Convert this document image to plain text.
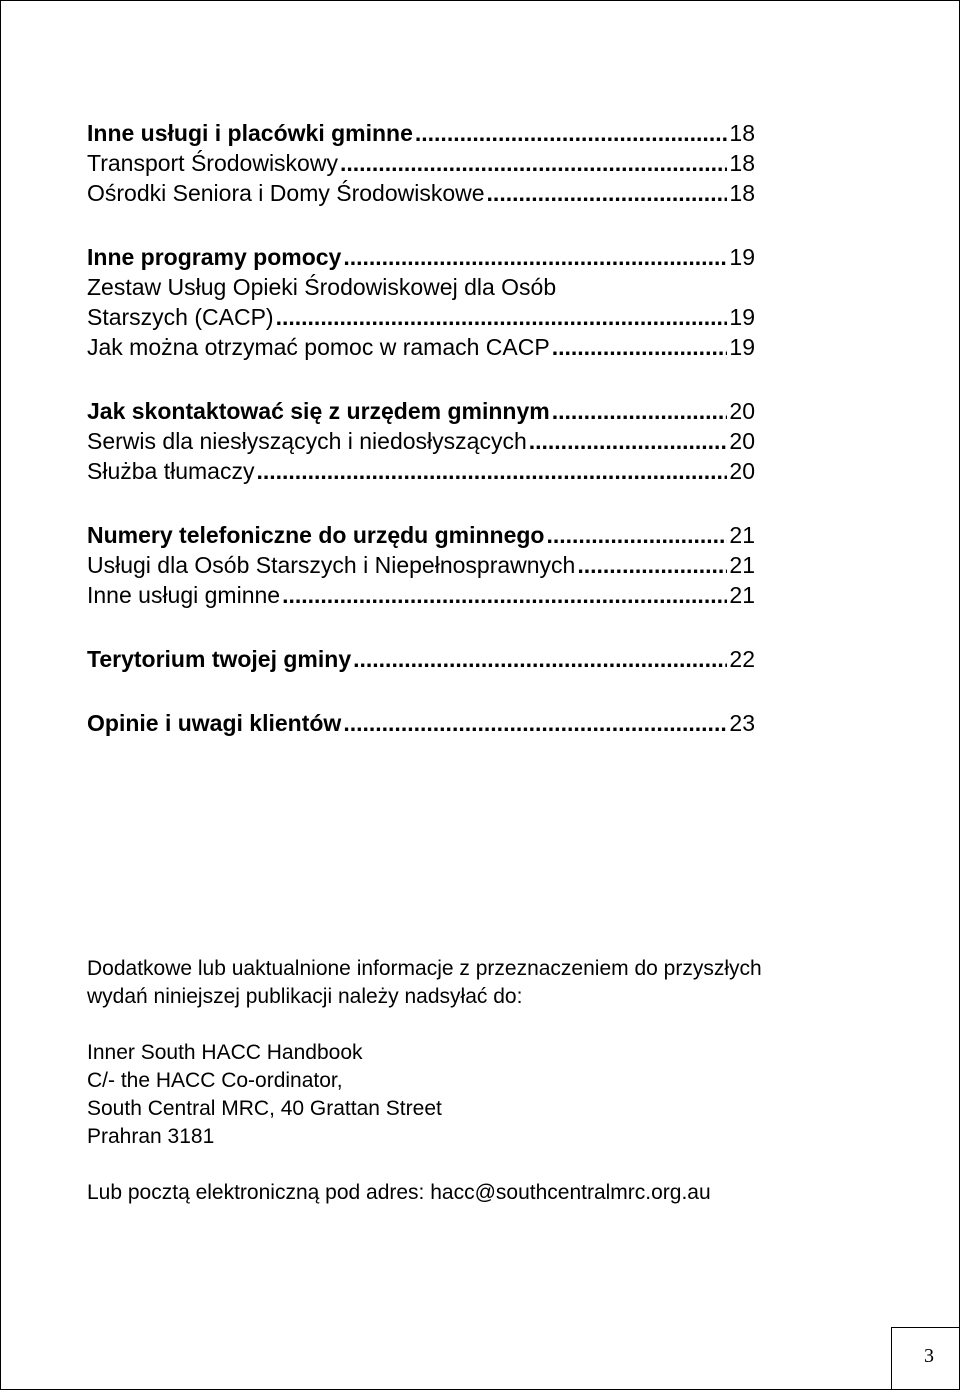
Inne usługi i placówki gminne .....	18
Transport Środowiskowy .....	18
Ośrodki Seniora i Domy Środowiskowe .....	18
Inne programy pomocy .....	19
Zestaw Usług Opieki Środowiskowej dla Osób
Starszych (CACP) .....	19
Jak można otrzymać pomoc w ramach CACP .....	19
Jak skontaktować się z urzędem gminnym .....	20
Serwis dla niesłyszących i niedosłyszących .....	20
Służba tłumaczy .....	20
Numery telefoniczne do urzędu gminnego .....	21
Usługi dla Osób Starszych i Niepełnosprawnych .....	21
Inne usługi gminne .....	21
Terytorium twojej gminy .....	22
Opinie i uwagi klientów .....	23

Dodatkowe lub uaktualnione informacje z przeznaczeniem do przyszłych

wydań niniejszej publikacji należy nadsyłać do:

Inner South HACC Handbook

C/- the HACC Co-ordinator,

South Central MRC, 40 Grattan Street

Prahran 3181

Lub pocztą elektroniczną pod adres: hacc@southcentralmrc.org.au

3
